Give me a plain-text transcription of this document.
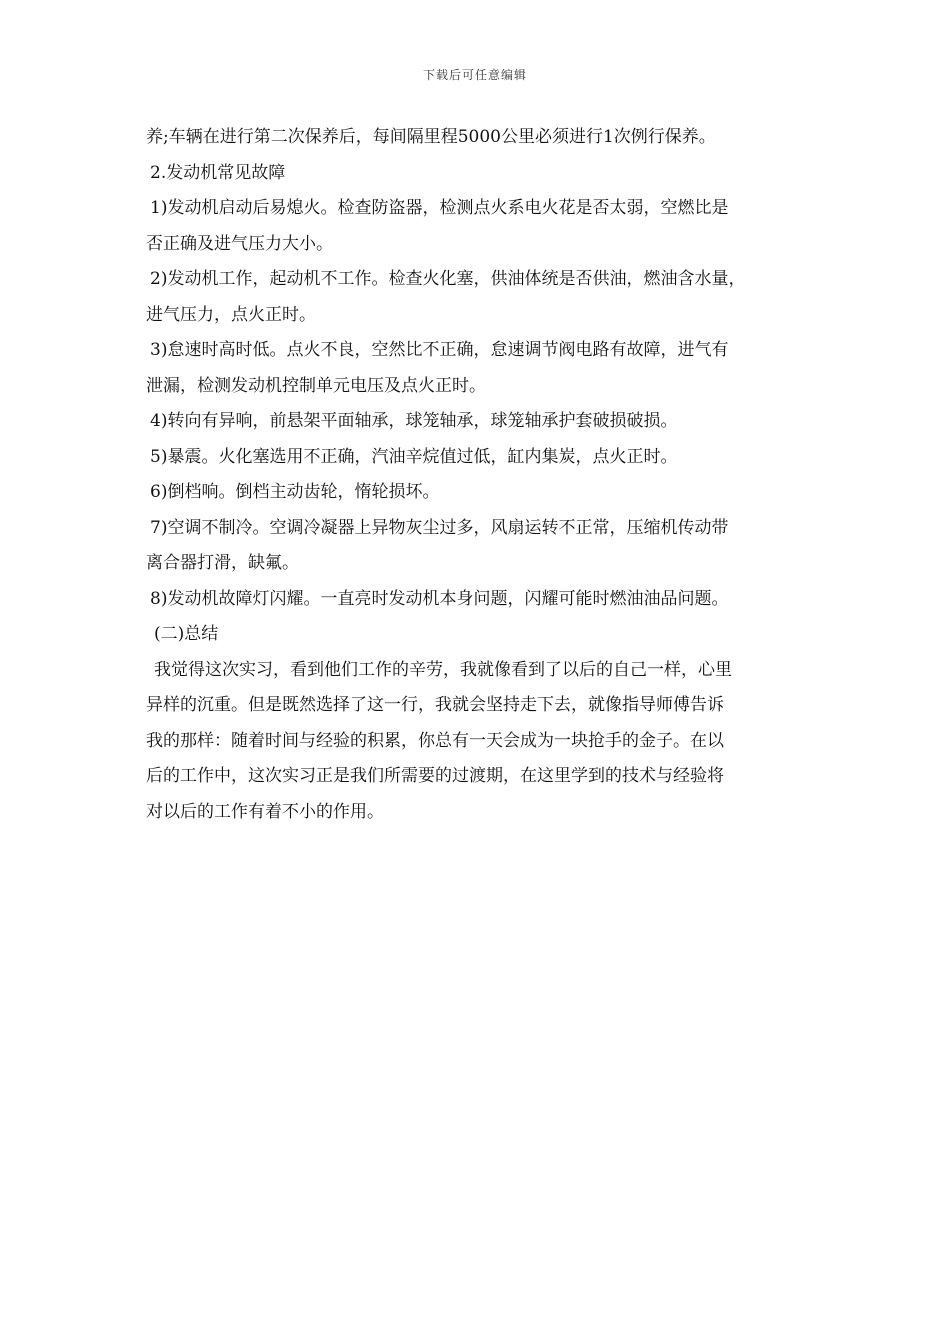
下载后可任意编辑
养;车辆在进行第二次保养后，每间隔里程5000公里必须进行1次例行保养。
2.发动机常见故障
1)发动机启动后易熄火。检查防盗器，检测点火系电火花是否太弱，空燃比是
否正确及进气压力大小。
2)发动机工作，起动机不工作。检查火化塞，供油体统是否供油，燃油含水量，
进气压力，点火正时。
3)怠速时高时低。点火不良，空然比不正确，怠速调节阀电路有故障，进气有
泄漏，检测发动机控制单元电压及点火正时。
4)转向有异响，前悬架平面轴承，球笼轴承，球笼轴承护套破损破损。
5)暴震。火化塞选用不正确，汽油辛烷值过低，缸内集炭，点火正时。
6)倒档响。倒档主动齿轮，惰轮损坏。
7)空调不制冷。空调冷凝器上异物灰尘过多，风扇运转不正常，压缩机传动带
离合器打滑，缺氟。
8)发动机故障灯闪耀。一直亮时发动机本身问题，闪耀可能时燃油油品问题。
(二)总结
我觉得这次实习，看到他们工作的辛劳，我就像看到了以后的自己一样，心里
异样的沉重。但是既然选择了这一行，我就会坚持走下去，就像指导师傅告诉
我的那样：随着时间与经验的积累，你总有一天会成为一块抢手的金子。在以
后的工作中，这次实习正是我们所需要的过渡期，在这里学到的技术与经验将
对以后的工作有着不小的作用。
